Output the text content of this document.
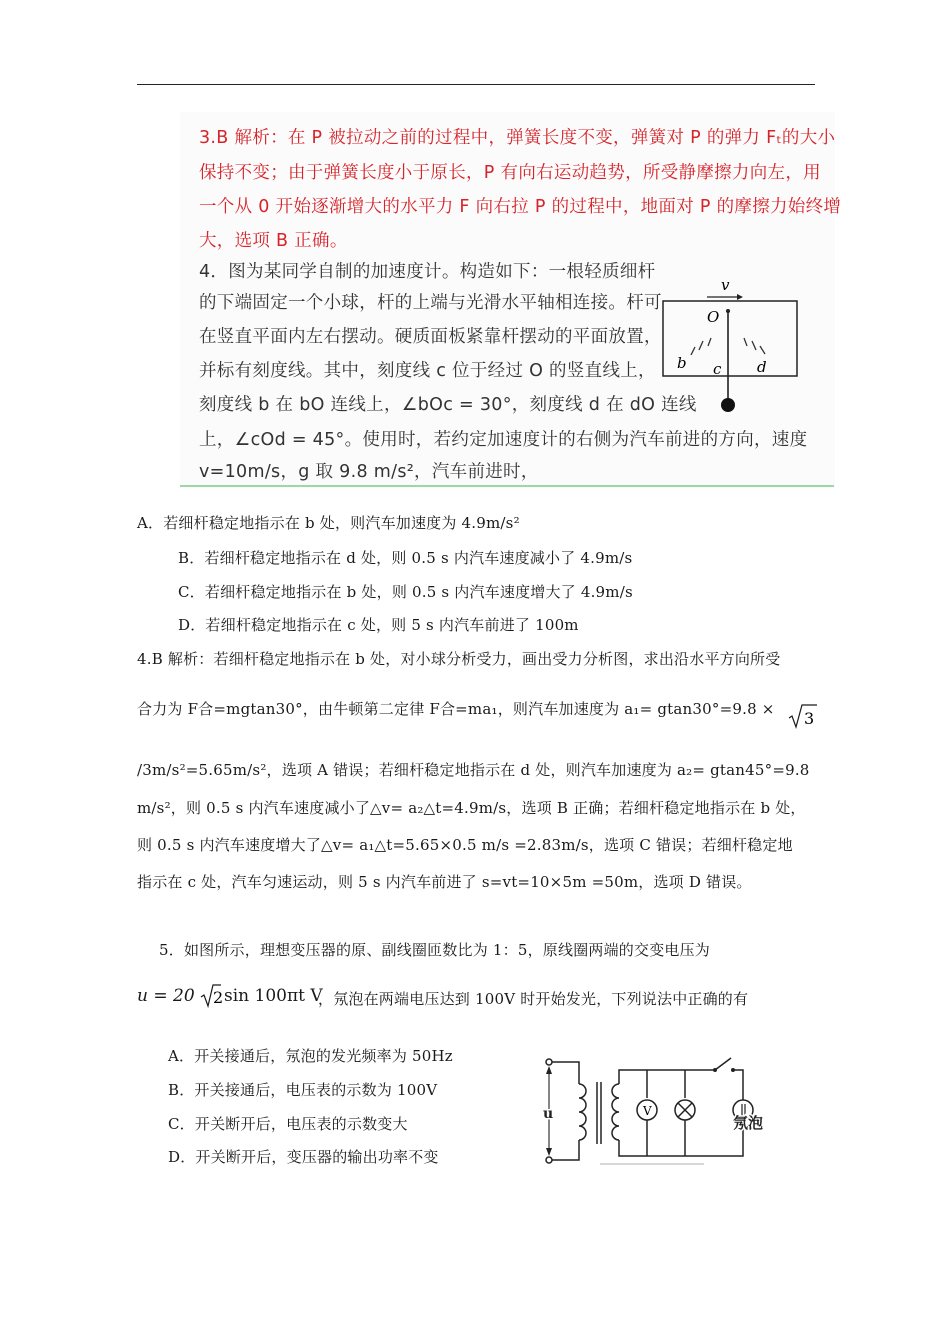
3.B 解析：在 P 被拉动之前的过程中，弹簧长度不变，弹簧对 P 的弹力 Fₜ的大小
保持不变；由于弹簧长度小于原长，P 有向右运动趋势，所受静摩擦力向左，用
一个从 0 开始逐渐增大的水平力 F 向右拉 P 的过程中，地面对 P 的摩擦力始终增
大，选项 B 正确。
4．图为某同学自制的加速度计。构造如下：一根轻质细杆
的下端固定一个小球，杆的上端与光滑水平轴相连接。杆可
在竖直平面内左右摆动。硬质面板紧靠杆摆动的平面放置，
并标有刻度线。其中，刻度线 c 位于经过 O 的竖直线上，
刻度线 b 在 bO 连线上，∠bOc = 30°，刻度线 d 在 dO 连线
上，∠cOd = 45°。使用时，若约定加速度计的右侧为汽车前进的方向，速度
v=10m/s，g 取 9.8 m/s²，汽车前进时，
v
O
b c d
A．若细杆稳定地指示在 b 处，则汽车加速度为 4.9m/s²
B．若细杆稳定地指示在 d 处，则 0.5 s 内汽车速度减小了 4.9m/s
C．若细杆稳定地指示在 b 处，则 0.5 s 内汽车速度增大了 4.9m/s
D．若细杆稳定地指示在 c 处，则 5 s 内汽车前进了 100m
4.B 解析：若细杆稳定地指示在 b 处，对小球分析受力，画出受力分析图，求出沿水平方向所受
合力为 F合=mgtan30°，由牛顿第二定律 F合=ma₁，则汽车加速度为 a₁= gtan30°=9.8 × 3
/3m/s²=5.65m/s²，选项 A 错误；若细杆稳定地指示在 d 处，则汽车加速度为 a₂= gtan45°=9.8
m/s²，则 0.5 s 内汽车速度减小了△v= a₂△t=4.9m/s，选项 B 正确；若细杆稳定地指示在 b 处，
则 0.5 s 内汽车速度增大了△v= a₁△t=5.65×0.5 m/s =2.83m/s，选项 C 错误；若细杆稳定地
指示在 c 处，汽车匀速运动，则 5 s 内汽车前进了 s=vt=10×5m =50m，选项 D 错误。
5．如图所示，理想变压器的原、副线圈匝数比为 1：5，原线圈两端的交变电压为
u = 20 2 sin 100πt V
，氖泡在两端电压达到 100V 时开始发光，下列说法中正确的有
A．开关接通后，氖泡的发光频率为 50Hz
B．开关接通后，电压表的示数为 100V
C．开关断开后，电压表的示数变大
D．开关断开后，变压器的输出功率不变
V
u	氖泡
